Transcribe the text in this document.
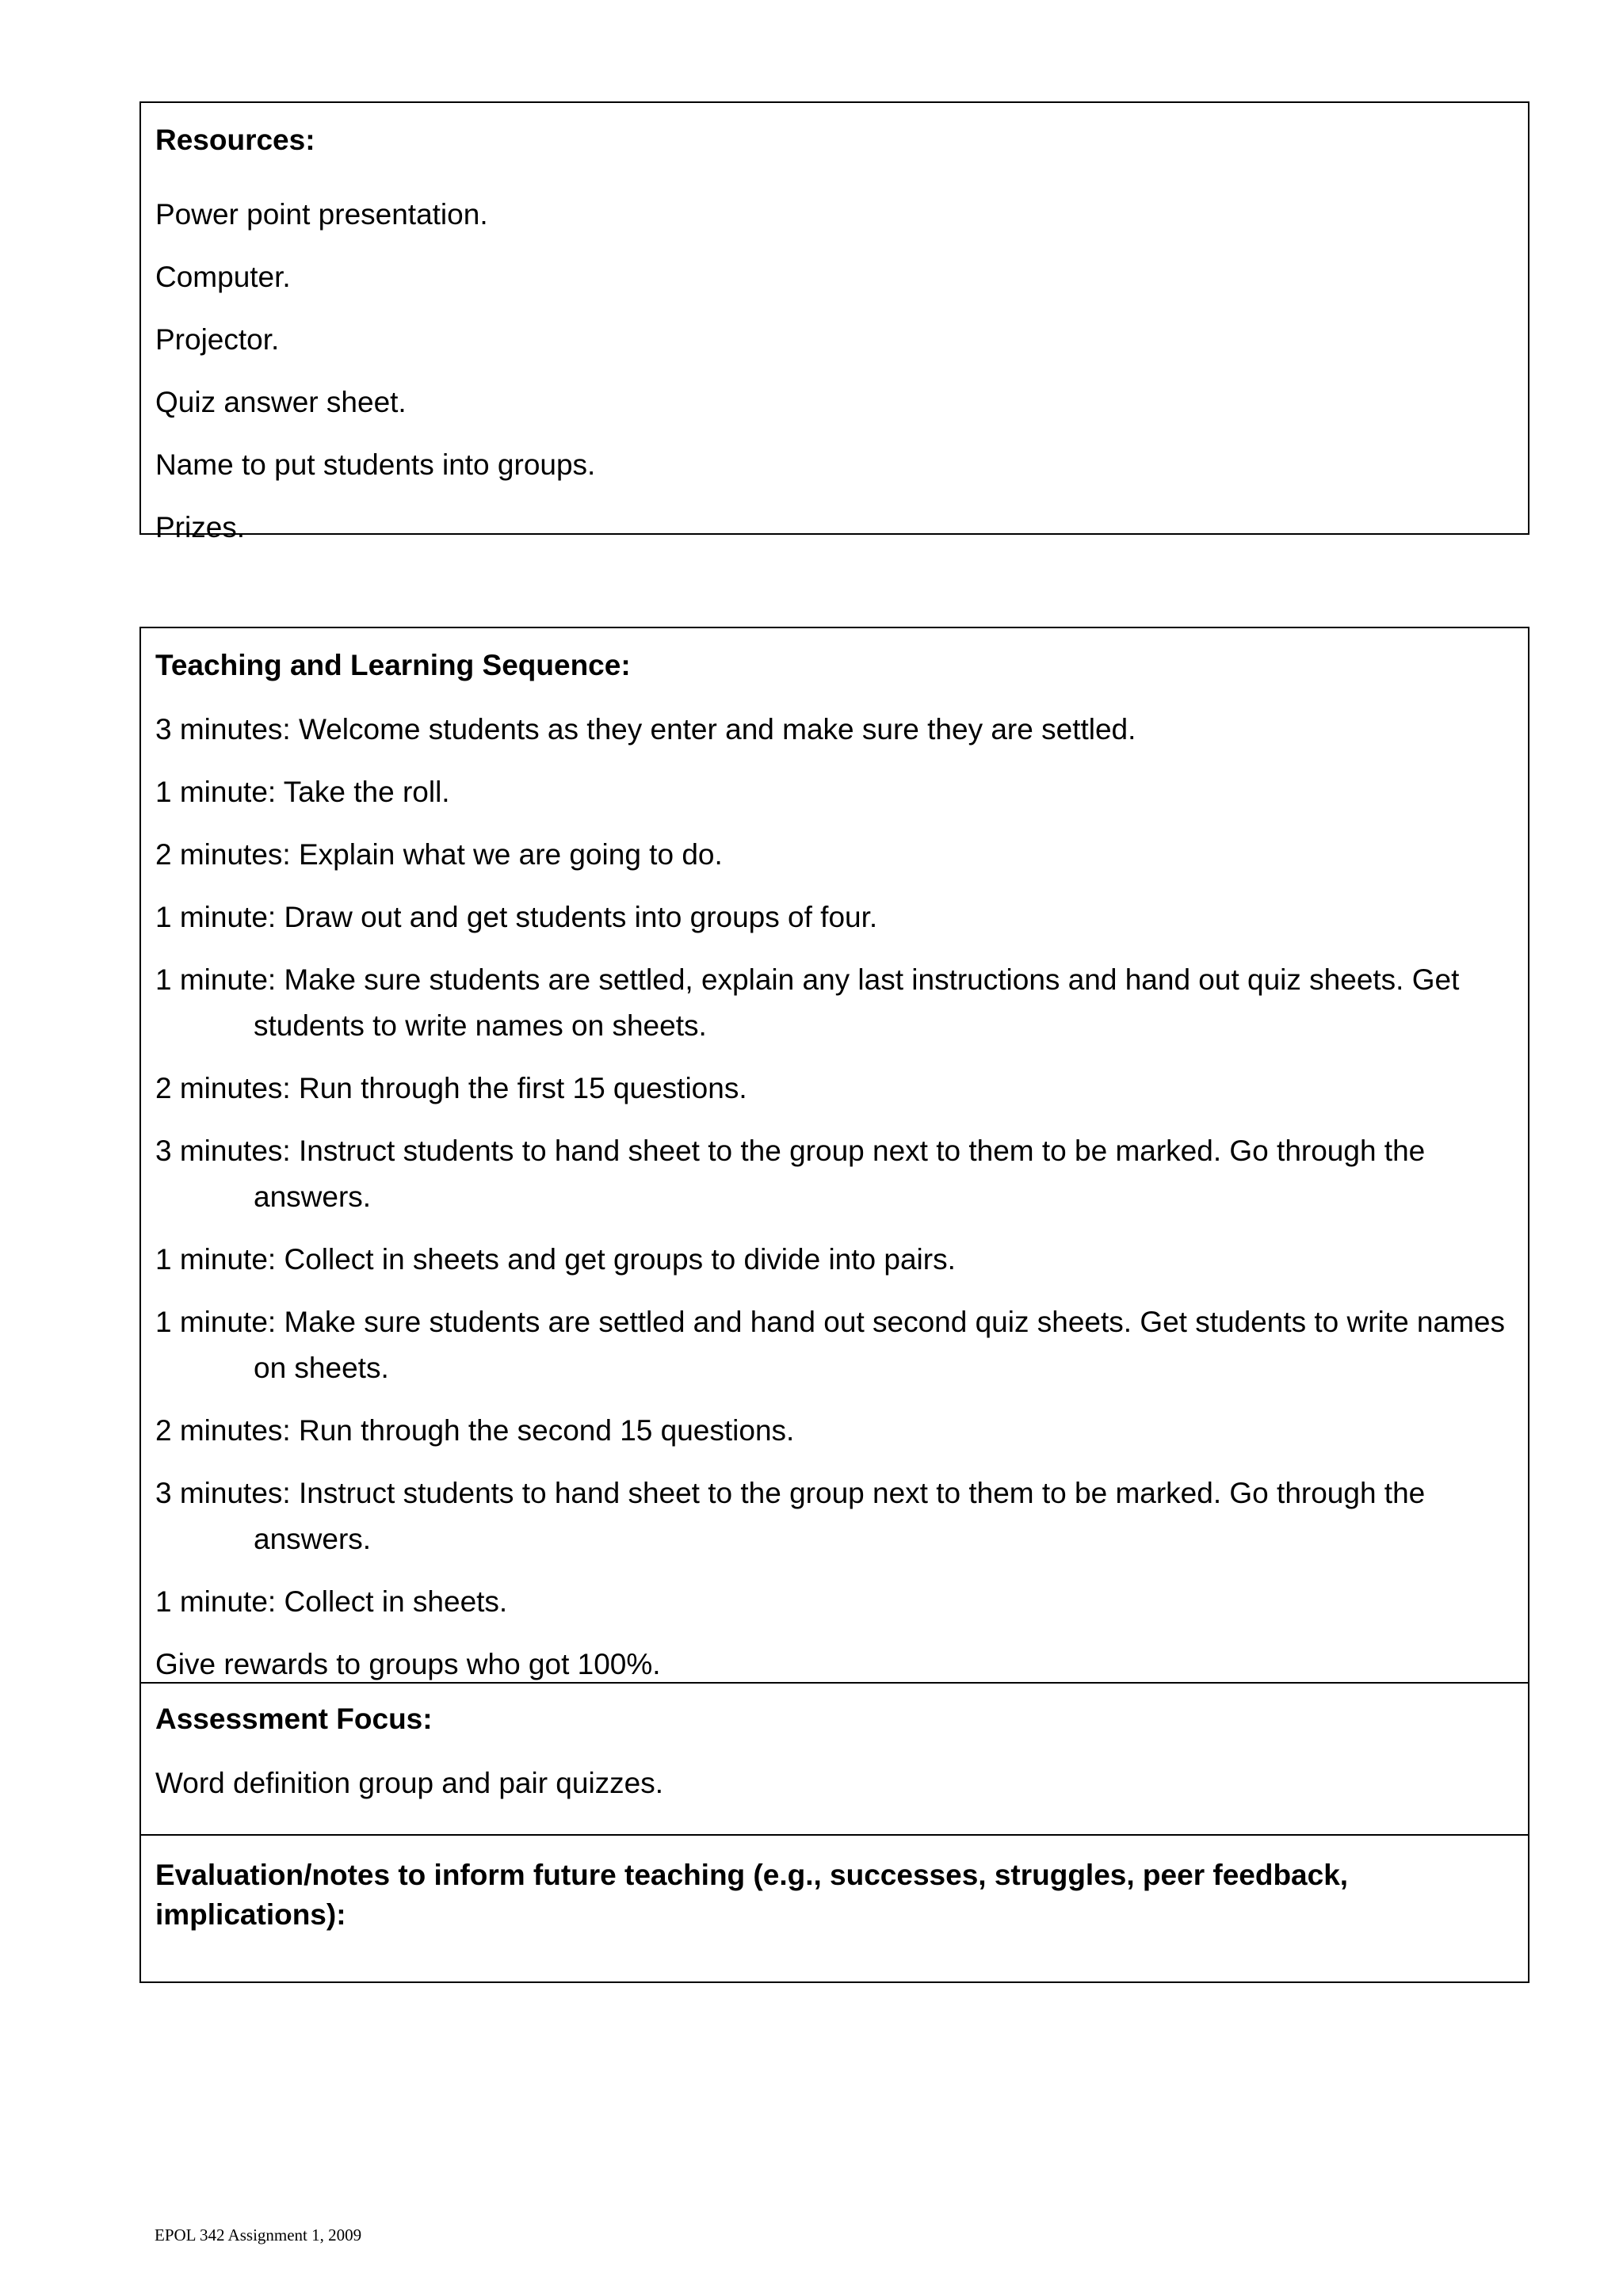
Resources:
Power point presentation.
Computer.
Projector.
Quiz answer sheet.
Name to put students into groups.
Prizes.
Teaching and Learning Sequence:
3 minutes: Welcome students as they enter and make sure they are settled.
1 minute: Take the roll.
2 minutes: Explain what we are going to do.
1 minute: Draw out and get students into groups of four.
1 minute: Make sure students are settled, explain any last instructions and hand out quiz sheets. Get students to write names on sheets.
2 minutes: Run through the first 15 questions.
3 minutes: Instruct students to hand sheet to the group next to them to be marked. Go through the answers.
1 minute: Collect in sheets and get groups to divide into pairs.
1 minute: Make sure students are settled and hand out second quiz sheets. Get students to write names on sheets.
2 minutes: Run through the second 15 questions.
3 minutes: Instruct students to hand sheet to the group next to them to be marked. Go through the answers.
1 minute: Collect in sheets.
Give rewards to groups who got 100%.
Assessment Focus:
Word definition group and pair quizzes.
Evaluation/notes to inform future teaching (e.g., successes, struggles, peer feedback, implications):
EPOL 342 Assignment 1, 2009
